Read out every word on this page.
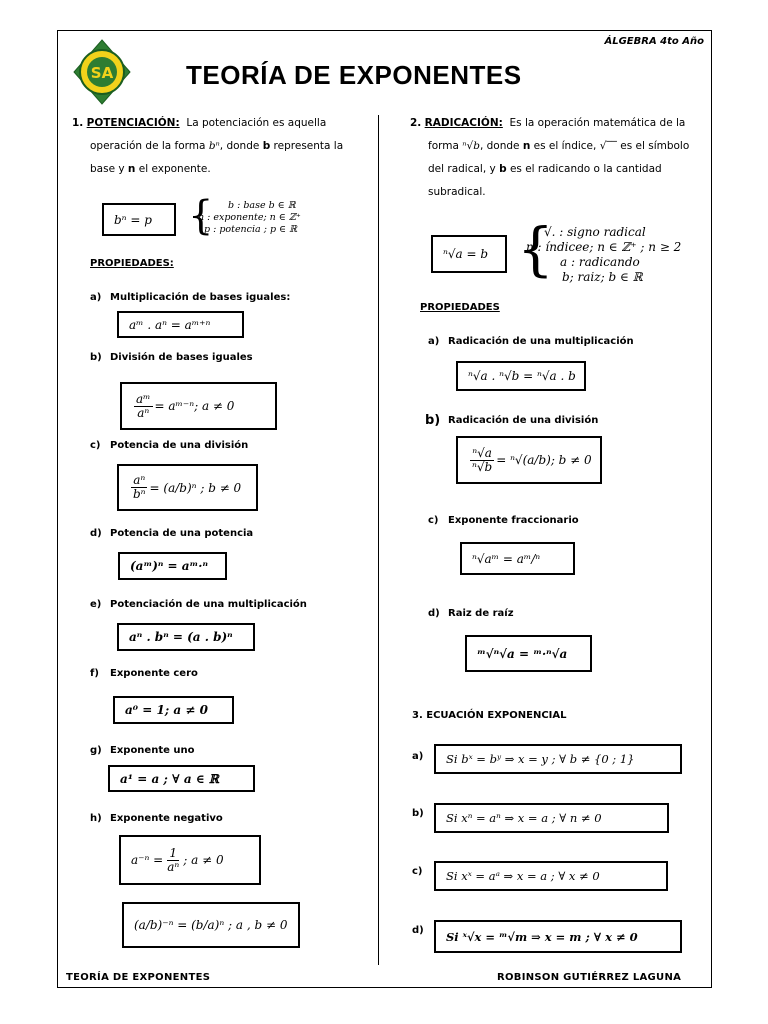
ÁLGEBRA 4to Año
SA	TEORÍA DE EXPONENTES
1. POTENCIACIÓN: La potenciación es aquella
operación de la forma bⁿ, donde b representa la
base y n el exponente.
bⁿ = p {	b : base b ∈ ℝ
n : exponente; n ∈ ℤ⁺
p : potencia ; p ∈ ℝ
PROPIEDADES:
a) Multiplicación de bases iguales:
aᵐ . aⁿ = aᵐ⁺ⁿ
b) División de bases iguales
$\frac{\text{aᵐ}}{\text{aⁿ}}$ = aᵐ⁻ⁿ; a ≠ 0
c) Potencia de una división
$\frac{\text{aⁿ}}{\text{bⁿ}} = (a/b)^n$ ; b ≠ 0
d) Potencia de una potencia
(aᵐ)ⁿ = aᵐ·ⁿ
e) Potenciación de una multiplicación
aⁿ . bⁿ = (a . b)ⁿ
f) Exponente cero
a⁰ = 1; a ≠ 0
g) Exponente uno
a¹ = a ; ∀ a ∈ ℝ
h) Exponente negativo
$a^{-n} = \frac{1}{\text{aⁿ}}$ ; a ≠ 0
(a/b)⁻ⁿ = (b/a)ⁿ ; a , b ≠ 0
2. RADICACIÓN: Es la operación matemática de la
forma ⁿ√b, donde n es el índice, √‾‾ es el símbolo
del radical, y b es el radicando o la cantidad
subradical.
ⁿ√a = b {
√. : signo radical
n : índicee; n ∈ ℤ⁺ ; n ≥ 2
a : radicando
b; raiz; b ∈ ℝ
PROPIEDADES
a) Radicación de una multiplicación
ⁿ√a . ⁿ√b = ⁿ√a . b
b) Radicación de una división
$\frac{\text{ⁿ√a}}{\text{ⁿ√b}} = ^n√(a/b)$; b ≠ 0
c) Exponente fraccionario
ⁿ√aᵐ = aᵐ/ⁿ
d) Raiz de raíz
ᵐ√ⁿ√a = ᵐ·ⁿ√a
3. ECUACIÓN EXPONENCIAL
a)	Si bˣ = bʸ ⇒ x = y ; ∀ b ≠ {0 ; 1}
b)	Si xⁿ = aⁿ ⇒ x = a ; ∀ n ≠ 0
c)	Si xˣ = aᵃ ⇒ x = a ; ∀ x ≠ 0
d)	Si ˣ√x = ᵐ√m ⇒ x = m ; ∀ x ≠ 0
TEORÍA DE EXPONENTES	ROBINSON GUTIÉRREZ LAGUNA
